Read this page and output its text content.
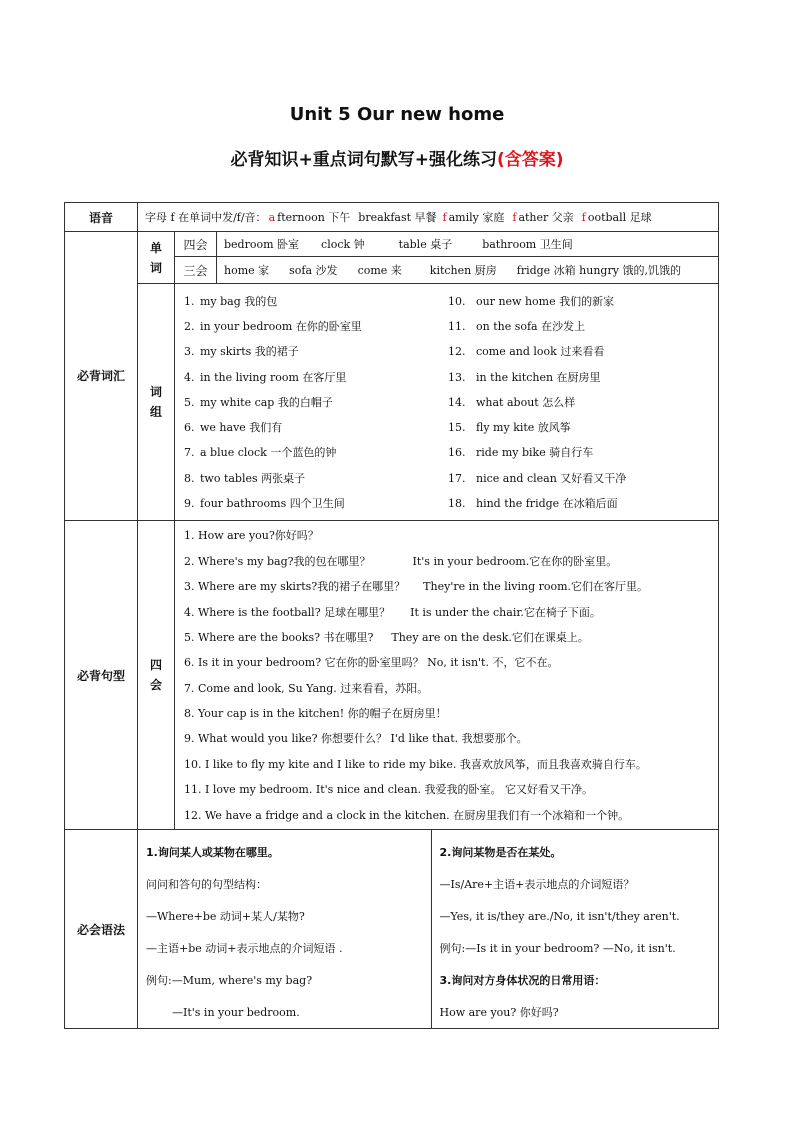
Unit 5 Our new home
必背知识+重点词句默写+强化练习(含答案)
语音	字母 f 在单词中发/f/音： a fternoon 下午 breakfast 早餐 f amily 家庭 f ather 父亲 f ootball 足球
必背词汇	单
词	四会	bedroom 卧室 clock 钟	table 桌子	bathroom 卫生间
三会	home 家 sofa 沙发 come 来	kitchen 厨房 fridge 冰箱 hungry 饿的,饥饿的
词
组	
1. my bag 我的包	10. our new home 我们的新家
2. in your bedroom 在你的卧室里	11. on the sofa 在沙发上
3. my skirts 我的裙子	12. come and look 过来看看
4. in the living room 在客厅里	13. in the kitchen 在厨房里
5. my white cap 我的白帽子	14. what about 怎么样
6. we have 我们有	15. fly my kite 放风筝
7. a blue clock 一个蓝色的钟	16. ride my bike 骑自行车
8. two tables 两张桌子	17. nice and clean 又好看又干净
9. four bathrooms 四个卫生间	18. hind the fridge 在冰箱后面

必背句型	四
会	
1. How are you?你好吗？
2. Where's my bag?我的包在哪里？	It's in your bedroom.它在你的卧室里。
3. Where are my skirts?我的裙子在哪里？ They're in the living room.它们在客厅里。
4. Where is the football? 足球在哪里？ It is under the chair.它在椅子下面。
5. Where are the books? 书在哪里? They are on the desk.它们在课桌上。
6. Is it in your bedroom? 它在你的卧室里吗？ No, it isn't. 不，它不在。
7. Come and look, Su Yang. 过来看看，苏阳。
8. Your cap is in the kitchen! 你的帽子在厨房里！
9. What would you like? 你想要什么？ I'd like that. 我想要那个。
10. I like to fly my kite and I like to ride my bike. 我喜欢放风筝，而且我喜欢骑自行车。
11. I love my bedroom. It's nice and clean. 我爱我的卧室。 它又好看又干净。
12. We have a fridge and a clock in the kitchen. 在厨房里我们有一个冰箱和一个钟。

必会语法	
1.询问某人或某物在哪里。
问问和答句的句型结构：
—Where+be 动词+某人/某物?
—主语+be 动词+表示地点的介词短语 .
例句:—Mum, where's my bag?
—It's in your bedroom.

2.询问某物是否在某处。
—Is/Are+主语+表示地点的介词短语？
—Yes, it is/they are./No, it isn't/they aren't.
例句:—Is it in your bedroom? —No, it isn't.
3.询问对方身体状况的日常用语：
How are you? 你好吗?
